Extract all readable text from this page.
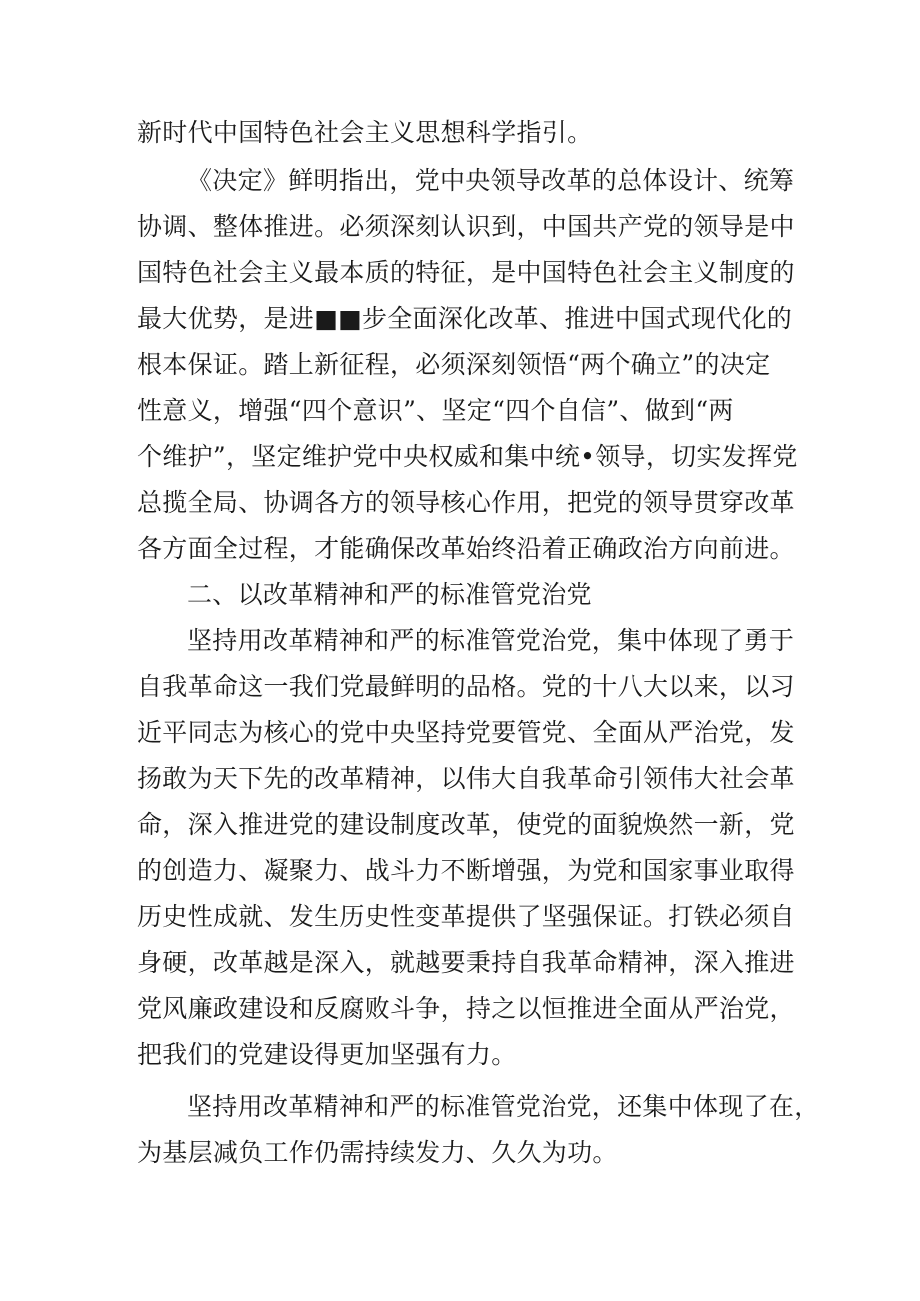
新时代中国特色社会主义思想科学指引。
《决定》鲜明指出，党中央领导改革的总体设计、统筹
协调、整体推进。必须深刻认识到，中国共产党的领导是中
国特色社会主义最本质的特征，是中国特色社会主义制度的
最大优势，是进■■步全面深化改革、推进中国式现代化的
根本保证。踏上新征程，必须深刻领悟“两个确立”的决定
性意义，增强“四个意识”、坚定“四个自信”、做到“两
个维护”，坚定维护党中央权威和集中统•领导，切实发挥党
总揽全局、协调各方的领导核心作用，把党的领导贯穿改革
各方面全过程，才能确保改革始终沿着正确政治方向前进。
二、以改革精神和严的标准管党治党
坚持用改革精神和严的标准管党治党，集中体现了勇于
自我革命这一我们党最鲜明的品格。党的十八大以来，以习
近平同志为核心的党中央坚持党要管党、全面从严治党，发
扬敢为天下先的改革精神，以伟大自我革命引领伟大社会革
命，深入推进党的建设制度改革，使党的面貌焕然一新，党
的创造力、凝聚力、战斗力不断增强，为党和国家事业取得
历史性成就、发生历史性变革提供了坚强保证。打铁必须自
身硬，改革越是深入，就越要秉持自我革命精神，深入推进
党风廉政建设和反腐败斗争，持之以恒推进全面从严治党，
把我们的党建设得更加坚强有力。
坚持用改革精神和严的标准管党治党，还集中体现了在，
为基层减负工作仍需持续发力、久久为功。
